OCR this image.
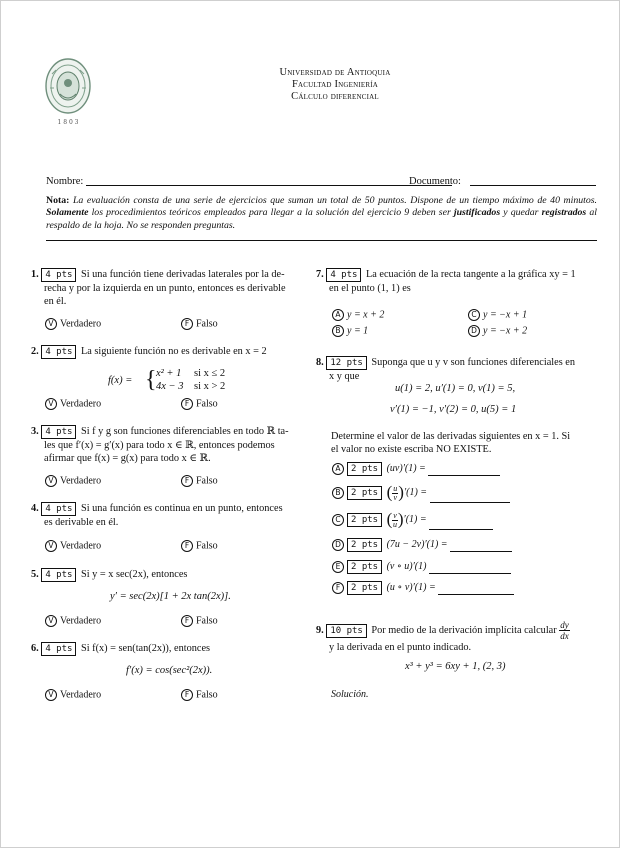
1 8 0 3
Universidad de Antioquia
Facultad Ingeniería
Cálculo diferencial
Nombre:	Documento:
Nota: La evaluación consta de una serie de ejercicios que suman un total de 50 puntos. Dispone de un tiempo máximo de 40 minutos. Solamente los procedimientos teóricos empleados para llegar a la solución del ejercicio 9 deben ser justificados y quedar registrados al respaldo de la hoja. No se responden preguntas.
1. 4 pts Si una función tiene derivadas laterales por la de-
recha y por la izquierda en un punto, entonces es derivable
en él.
V Verdadero	F Falso
2. 4 pts La siguiente función no es derivable en x = 2
f(x) = { x² + 1 si x ≤ 2
4x − 3 si x > 2
V Verdadero	F Falso
3. 4 pts Si f y g son funciones diferenciables en todo ℝ ta-
les que f′(x) = g′(x) para todo x ∈ ℝ, entonces podemos
afirmar que f(x) = g(x) para todo x ∈ ℝ.
V Verdadero	F Falso
4. 4 pts Si una función es continua en un punto, entonces
es derivable en él.
V Verdadero	F Falso
5. 4 pts Si y = x sec(2x), entonces
y′ = sec(2x)[1 + 2x tan(2x)].
V Verdadero	F Falso
6. 4 pts Si f(x) = sen(tan(2x)), entonces
f′(x) = cos(sec²(2x)).
V Verdadero	F Falso
7. 4 pts La ecuación de la recta tangente a la gráfica xy = 1
en el punto (1, 1) es
A y = x + 2
B y = 1
C y = −x + 1
D y = −x + 2
8. 12 pts Suponga que u y v son funciones diferenciales en
x y que
u(1) = 2, u′(1) = 0, v(1) = 5,
v′(1) = −1, v′(2) = 0, u(5) = 1
Determine el valor de las derivadas siguientes en x = 1. Si
el valor no existe escriba NO EXISTE.
A 2 pts (uv)′(1) =
B 2 pts ( $\frac{u}{v} )'(1)$ =
C 2 pts ( $\frac{v}{u} )'(1)$ =
D 2 pts (7u − 2v)′(1) =
E 2 pts (v ∘ u)′(1)
F 2 pts (u ∘ v)′(1) =
9. 10 pts Por medio de la derivación implícita calcular $\frac{dy}{dx}$

y la derivada en el punto indicado.
x³ + y³ = 6xy + 1, (2, 3)
Solución.
